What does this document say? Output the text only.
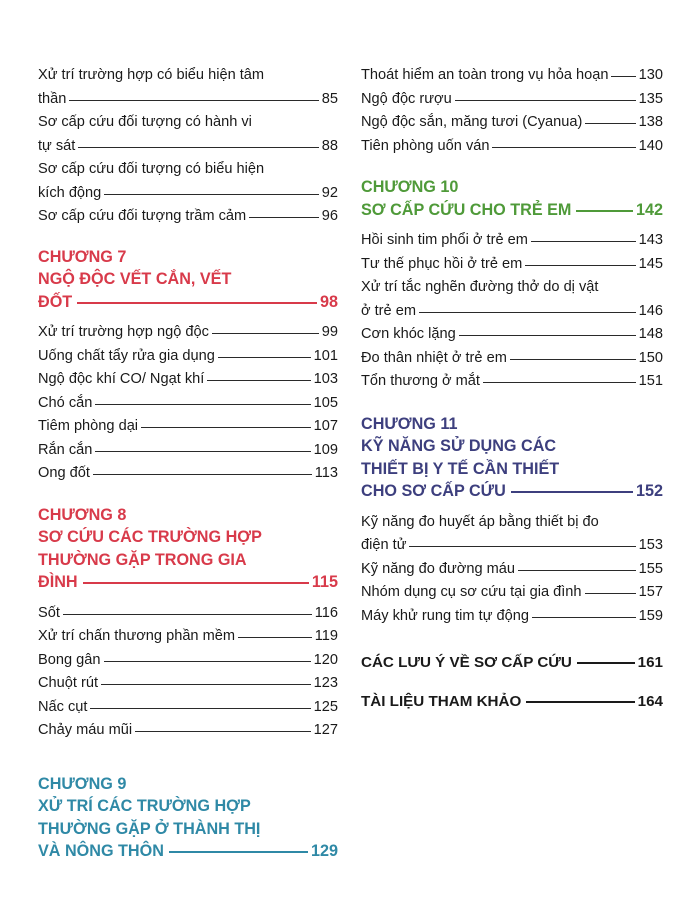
Xử trí trường hợp có biểu hiện tâm
thần	85
Sơ cấp cứu đối tượng có hành vi
tự sát	88
Sơ cấp cứu đối tượng có biểu hiện
kích động	92
Sơ cấp cứu đối tượng trầm cảm	96
CHƯƠNG 7
NGỘ ĐỘC VẾT CẮN, VẾT
ĐỐT	98
Xử trí trường hợp ngộ độc	99
Uống chất tẩy rửa gia dụng	101
Ngộ độc khí CO/ Ngạt khí	103
Chó cắn	105
Tiêm phòng dại	107
Rắn cắn	109
Ong đốt	113
CHƯƠNG 8
SƠ CỨU CÁC TRƯỜNG HỢP
THƯỜNG GẶP TRONG GIA
ĐÌNH	115
Sốt	116
Xử trí chấn thương phần mềm	119
Bong gân	120
Chuột rút	123
Nấc cụt	125
Chảy máu mũi	127
CHƯƠNG 9
XỬ TRÍ CÁC TRƯỜNG HỢP
THƯỜNG GẶP Ở THÀNH THỊ
VÀ NÔNG THÔN	129
Thoát hiểm an toàn trong vụ hỏa hoạn 130
Ngộ độc rượu	135
Ngộ độc sắn, măng tươi (Cyanua)	138
Tiên phòng uốn ván	140
CHƯƠNG 10
SƠ CẤP CỨU CHO TRẺ EM	142
Hồi sinh tim phổi ở trẻ em	143
Tư thế phục hồi ở trẻ em	145
Xử trí tắc nghẽn đường thở do dị vật
ở trẻ em	146
Cơn khóc lặng	148
Đo thân nhiệt ở trẻ em	150
Tổn thương ở mắt	151
CHƯƠNG 11
KỸ NĂNG SỬ DỤNG CÁC
THIẾT BỊ Y TẾ CẦN THIẾT
CHO SƠ CẤP CỨU	152
Kỹ năng đo huyết áp bằng thiết bị đo
điện tử	153
Kỹ năng đo đường máu	155
Nhóm dụng cụ sơ cứu tại gia đình	157
Máy khử rung tim tự động	159
CÁC LƯU Ý VỀ SƠ CẤP CỨU	161
TÀI LIỆU THAM KHẢO	164
